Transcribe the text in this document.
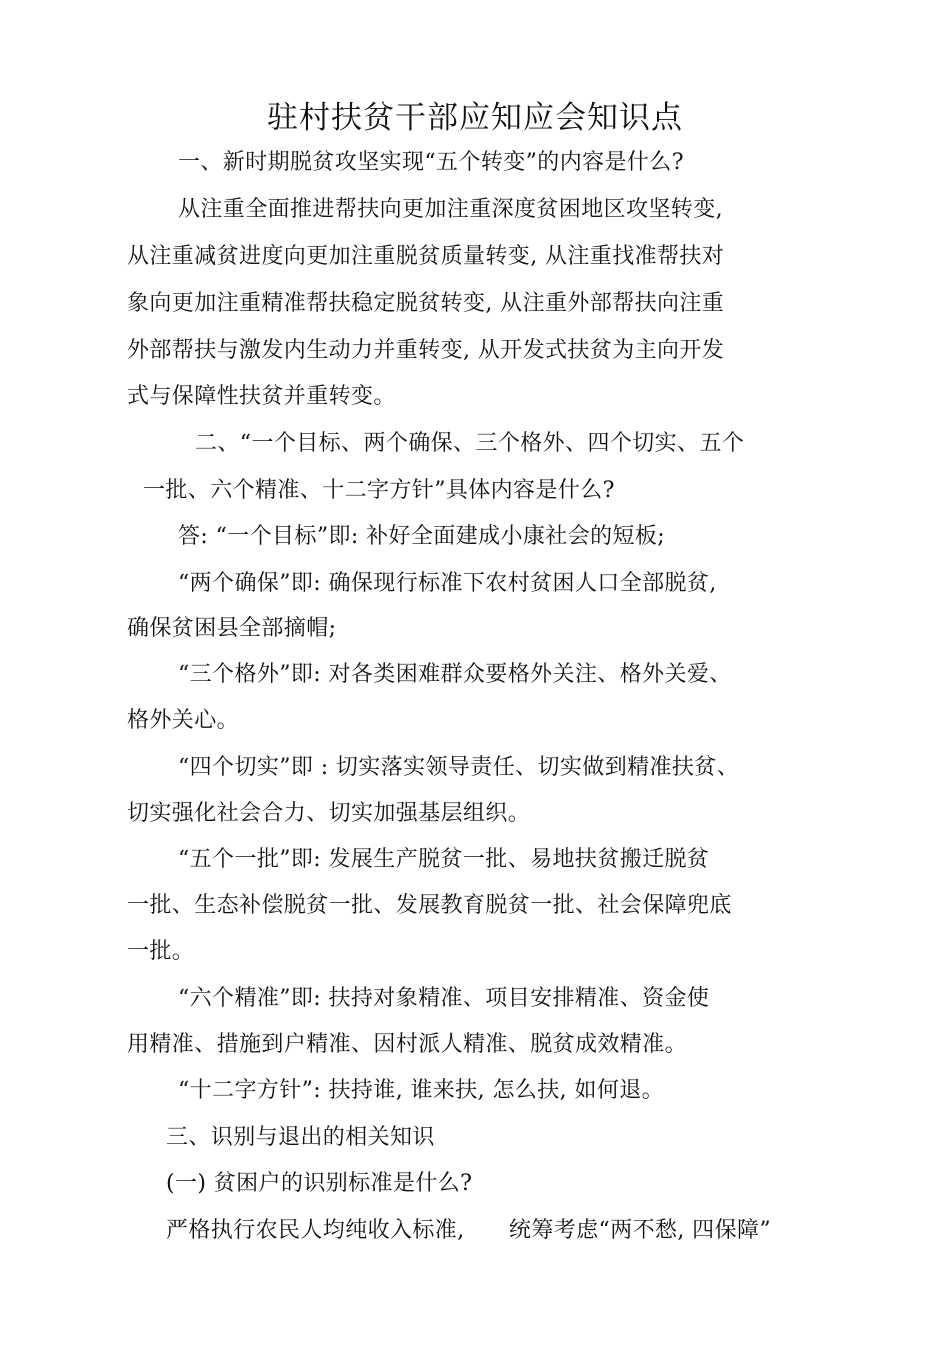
驻村扶贫干部应知应会知识点
一、新时期脱贫攻坚实现“五个转变”的内容是什么?
从注重全面推进帮扶向更加注重深度贫困地区攻坚转变,
从注重减贫进度向更加注重脱贫质量转变, 从注重找准帮扶对
象向更加注重精准帮扶稳定脱贫转变, 从注重外部帮扶向注重
外部帮扶与激发内生动力并重转变, 从开发式扶贫为主向开发
式与保障性扶贫并重转变。
二、“一个目标、两个确保、三个格外、四个切实、五个
一批、六个精准、十二字方针”具体内容是什么?
答: “一个目标”即: 补好全面建成小康社会的短板;
“两个确保”即: 确保现行标准下农村贫困人口全部脱贫,
确保贫困县全部摘帽;
“三个格外”即: 对各类困难群众要格外关注、格外关爱、
格外关心。
“四个切实”即 : 切实落实领导责任、切实做到精准扶贫、
切实强化社会合力、切实加强基层组织。
“五个一批”即: 发展生产脱贫一批、易地扶贫搬迁脱贫
一批、生态补偿脱贫一批、发展教育脱贫一批、社会保障兜底
一批。
“六个精准”即: 扶持对象精准、项目安排精准、资金使
用精准、措施到户精准、因村派人精准、脱贫成效精准。
“十二字方针”: 扶持谁, 谁来扶, 怎么扶, 如何退。
三、识别与退出的相关知识
(一) 贫困户的识别标准是什么?
严格执行农民人均纯收入标准,      统筹考虑“两不愁, 四保障”
